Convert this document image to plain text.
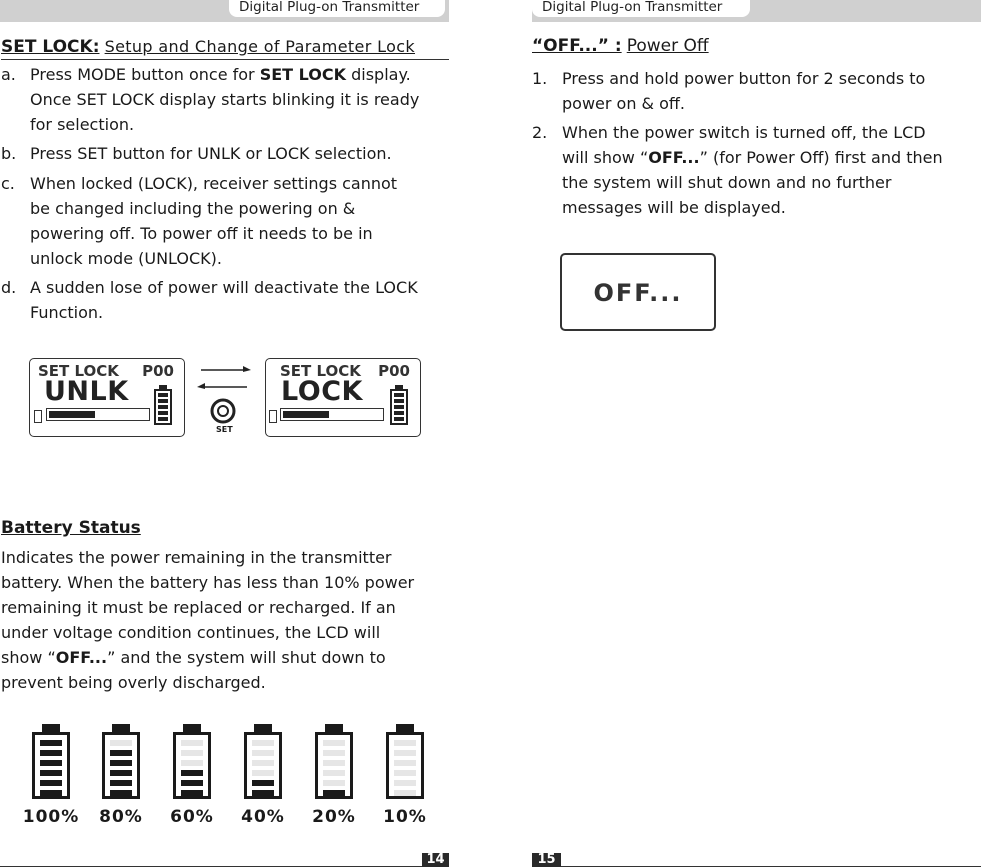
Digital Plug-on Transmitter	Digital Plug-on Transmitter
SET LOCK: Setup and Change of Parameter Lock
a. Press MODE button once for SET LOCK display.
Once SET LOCK display starts blinking it is ready
for selection.
b. Press SET button for UNLK or LOCK selection.
c. When locked (LOCK), receiver settings cannot
be changed including the powering on &
powering off. To power off it needs to be in
unlock mode (UNLOCK).
d. A sudden lose of power will deactivate the LOCK
Function.
SET LOCK P00
UNLK
SET
SET LOCK P00
LOCK
Battery Status
Indicates the power remaining in the transmitter
battery. When the battery has less than 10% power
remaining it must be replaced or recharged. If an
under voltage condition continues, the LCD will
show “OFF...” and the system will shut down to
prevent being overly discharged.
100%	80%	60%	40%	20%	10%
“OFF...” : Power Off
1. Press and hold power button for 2 seconds to
power on & off.
2. When the power switch is turned off, the LCD
will show “OFF...” (for Power Off) first and then
the system will shut down and no further
messages will be displayed.
OFF...
14	15
